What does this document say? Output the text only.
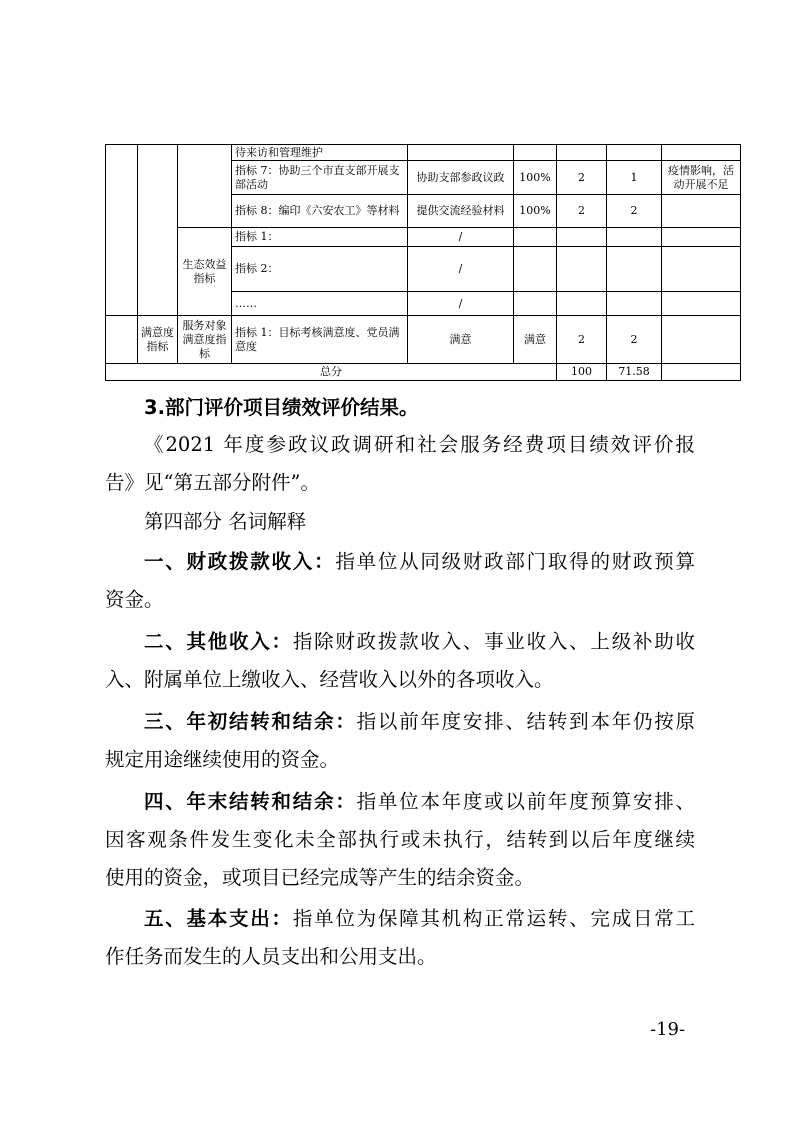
			待来访和管理维护					
			指标 7：协助三个市直支部开展支部活动	协助支部参政议政	100%	2	1	疫情影响，活动开展不足
			指标 8：编印《六安农工》等材料	提供交流经验材料	100%	2	2	
		生态效益指标	指标 1：	/				
			指标 2：	/				
			……	/				
	满意度指标	服务对象满意度指标	指标 1：目标考核满意度、党员满意度	满意	满意	2	2	
总分						100	71.58	
3.部门评价项目绩效评价结果。
《2021 年度参政议政调研和社会服务经费项目绩效评价报
告》见“第五部分附件”。
第四部分 名词解释
一、财政拨款收入：指单位从同级财政部门取得的财政预算
资金。
二、其他收入：指除财政拨款收入、事业收入、上级补助收
入、附属单位上缴收入、经营收入以外的各项收入。
三、年初结转和结余：指以前年度安排、结转到本年仍按原
规定用途继续使用的资金。
四、年末结转和结余：指单位本年度或以前年度预算安排、
因客观条件发生变化未全部执行或未执行，结转到以后年度继续
使用的资金，或项目已经完成等产生的结余资金。
五、基本支出：指单位为保障其机构正常运转、完成日常工
作任务而发生的人员支出和公用支出。
-19-
